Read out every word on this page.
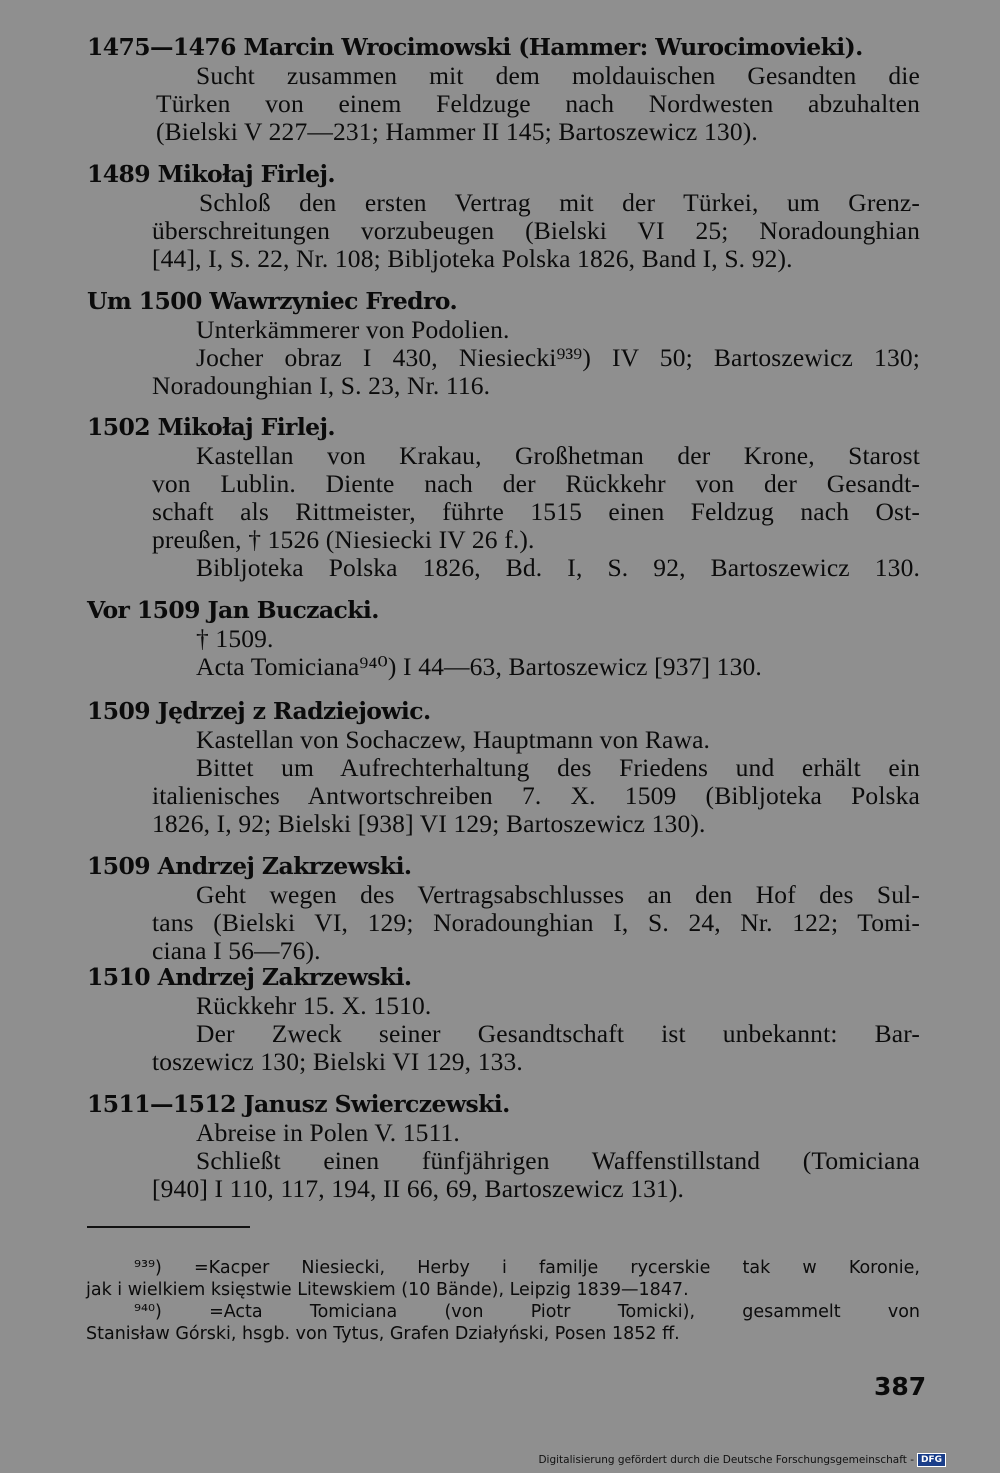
1475—1476 Marcin Wrocimowski (Hammer: Wurocimovieki).
Sucht zusammen mit dem moldauischen Gesandten die
Türken von einem Feldzuge nach Nordwesten abzuhalten
(Bielski V 227—231; Hammer II 145; Bartoszewicz 130).
1489 Mikołaj Firlej.
Schloß den ersten Vertrag mit der Türkei, um Grenz-
überschreitungen vorzubeugen (Bielski VI 25; Noradounghian
[44], I, S. 22, Nr. 108; Bibljoteka Polska 1826, Band I, S. 92).
Um 1500 Wawrzyniec Fredro.
Unterkämmerer von Podolien.
Jocher obraz I 430, Niesiecki⁹³⁹) IV 50; Bartoszewicz 130;
Noradounghian I, S. 23, Nr. 116.
1502 Mikołaj Firlej.
Kastellan von Krakau, Großhetman der Krone, Starost
von Lublin. Diente nach der Rückkehr von der Gesandt-
schaft als Rittmeister, führte 1515 einen Feldzug nach Ost-
preußen, † 1526 (Niesiecki IV 26 f.).
Bibljoteka Polska 1826, Bd. I, S. 92, Bartoszewicz 130.
Vor 1509 Jan Buczacki.
† 1509.
Acta Tomiciana⁹⁴⁰) I 44—63, Bartoszewicz [937] 130.
1509 Jędrzej z Radziejowic.
Kastellan von Sochaczew, Hauptmann von Rawa.
Bittet um Aufrechterhaltung des Friedens und erhält ein
italienisches Antwortschreiben 7. X. 1509 (Bibljoteka Polska
1826, I, 92; Bielski [938] VI 129; Bartoszewicz 130).
1509 Andrzej Zakrzewski.
Geht wegen des Vertragsabschlusses an den Hof des Sul-
tans (Bielski VI, 129; Noradounghian I, S. 24, Nr. 122; Tomi-
ciana I 56—76).
1510 Andrzej Zakrzewski.
Rückkehr 15. X. 1510.
Der Zweck seiner Gesandtschaft ist unbekannt: Bar-
toszewicz 130; Bielski VI 129, 133.
1511—1512 Janusz Swierczewski.
Abreise in Polen V. 1511.
Schließt einen fünfjährigen Waffenstillstand (Tomiciana
[940] I 110, 117, 194, II 66, 69, Bartoszewicz 131).
⁹³⁹) =Kacper Niesiecki, Herby i familje rycerskie tak w Koronie,
jak i wielkiem księstwie Litewskiem (10 Bände), Leipzig 1839—1847.
⁹⁴⁰) =Acta Tomiciana (von Piotr Tomicki), gesammelt von
Stanisław Górski, hsgb. von Tytus, Grafen Działyński, Posen 1852 ff.
387
Digitalisierung gefördert durch die Deutsche Forschungsgemeinschaft - DFG
